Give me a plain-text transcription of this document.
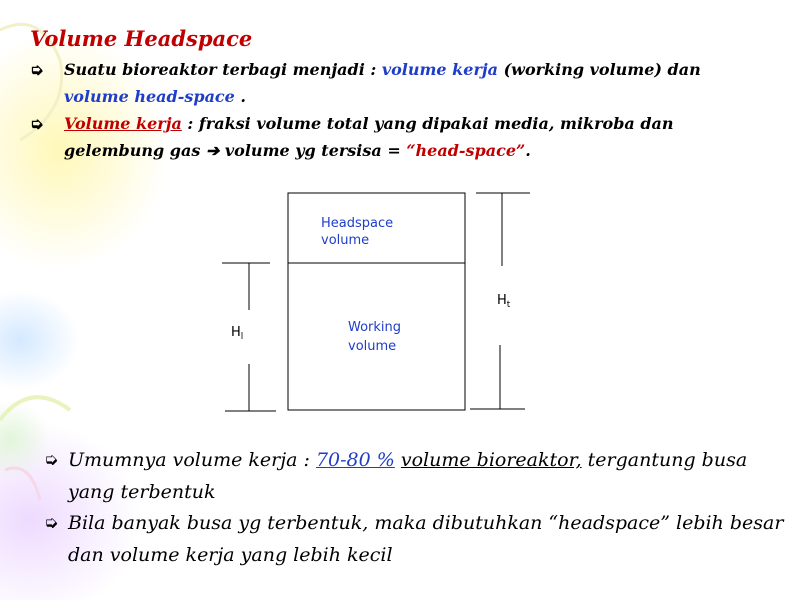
Volume Headspace
➭ Suatu bioreaktor terbagi menjadi : volume kerja (working volume) dan
volume head-space .
➭ Volume kerja : fraksi volume total yang dipakai media, mikroba dan
gelembung gas ➔ volume yg tersisa = “head-space”.
Headspace
volume
Working
volume
$H_l$
$H_t$
➭ Umumnya volume kerja : 70-80 % volume bioreaktor, tergantung busa
yang terbentuk
➭ Bila banyak busa yg terbentuk, maka dibutuhkan “headspace” lebih besar
dan volume kerja yang lebih kecil
